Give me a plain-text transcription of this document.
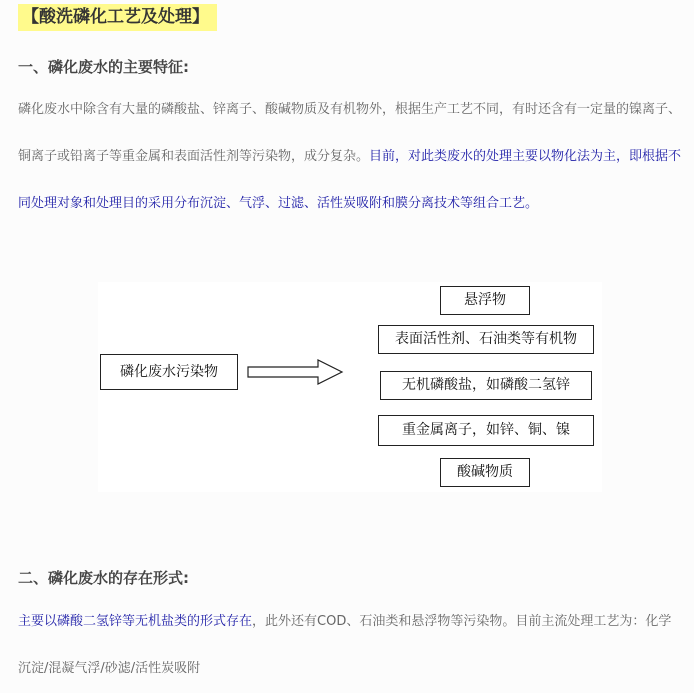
【酸洗磷化工艺及处理】
一、磷化废水的主要特征:

磷化废水中除含有大量的磷酸盐、锌离子、酸碱物质及有机物外，根据生产工艺不同，有时还含有一定量的镍离子、铜离子或铅离子等重金属和表面活性剂等污染物，成分复杂。目前，对此类废水的处理主要以物化法为主，即根据不同处理对象和处理目的采用分布沉淀、气浮、过滤、活性炭吸附和膜分离技术等组合工艺。

磷化废水污染物
悬浮物
表面活性剂、石油类等有机物
无机磷酸盐，如磷酸二氢锌
重金属离子，如锌、铜、镍
酸碱物质
二、磷化废水的存在形式:

主要以磷酸二氢锌等无机盐类的形式存在，此外还有COD、石油类和悬浮物等污染物。目前主流处理工艺为：化学沉淀/混凝气浮/砂滤/活性炭吸附
